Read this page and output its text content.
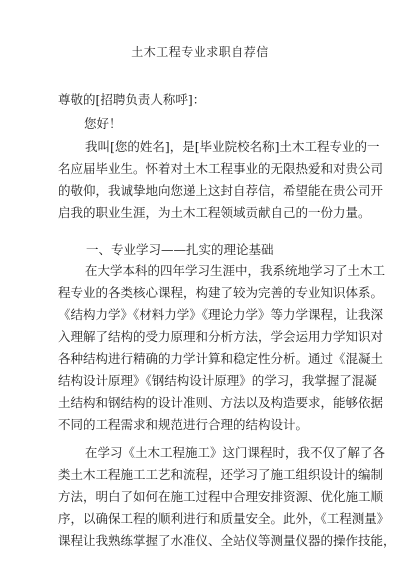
土木工程专业求职自荐信
尊敬的[招聘负责人称呼]：
您好！
我叫[您的姓名]，是[毕业院校名称]土木工程专业的一
名应届毕业生。怀着对土木工程事业的无限热爱和对贵公司
的敬仰，我诚挚地向您递上这封自荐信，希望能在贵公司开
启我的职业生涯，为土木工程领域贡献自己的一份力量。
一、专业学习——扎实的理论基础
在大学本科的四年学习生涯中，我系统地学习了土木工
程专业的各类核心课程，构建了较为完善的专业知识体系。
《结构力学》《材料力学》《理论力学》等力学课程，让我深
入理解了结构的受力原理和分析方法，学会运用力学知识对
各种结构进行精确的力学计算和稳定性分析。通过《混凝土
结构设计原理》《钢结构设计原理》的学习，我掌握了混凝
土结构和钢结构的设计准则、方法以及构造要求，能够依据
不同的工程需求和规范进行合理的结构设计。
在学习《土木工程施工》这门课程时，我不仅了解了各
类土木工程施工工艺和流程，还学习了施工组织设计的编制
方法，明白了如何在施工过程中合理安排资源、优化施工顺
序，以确保工程的顺利进行和质量安全。此外，《工程测量》
课程让我熟练掌握了水准仪、全站仪等测量仪器的操作技能，
